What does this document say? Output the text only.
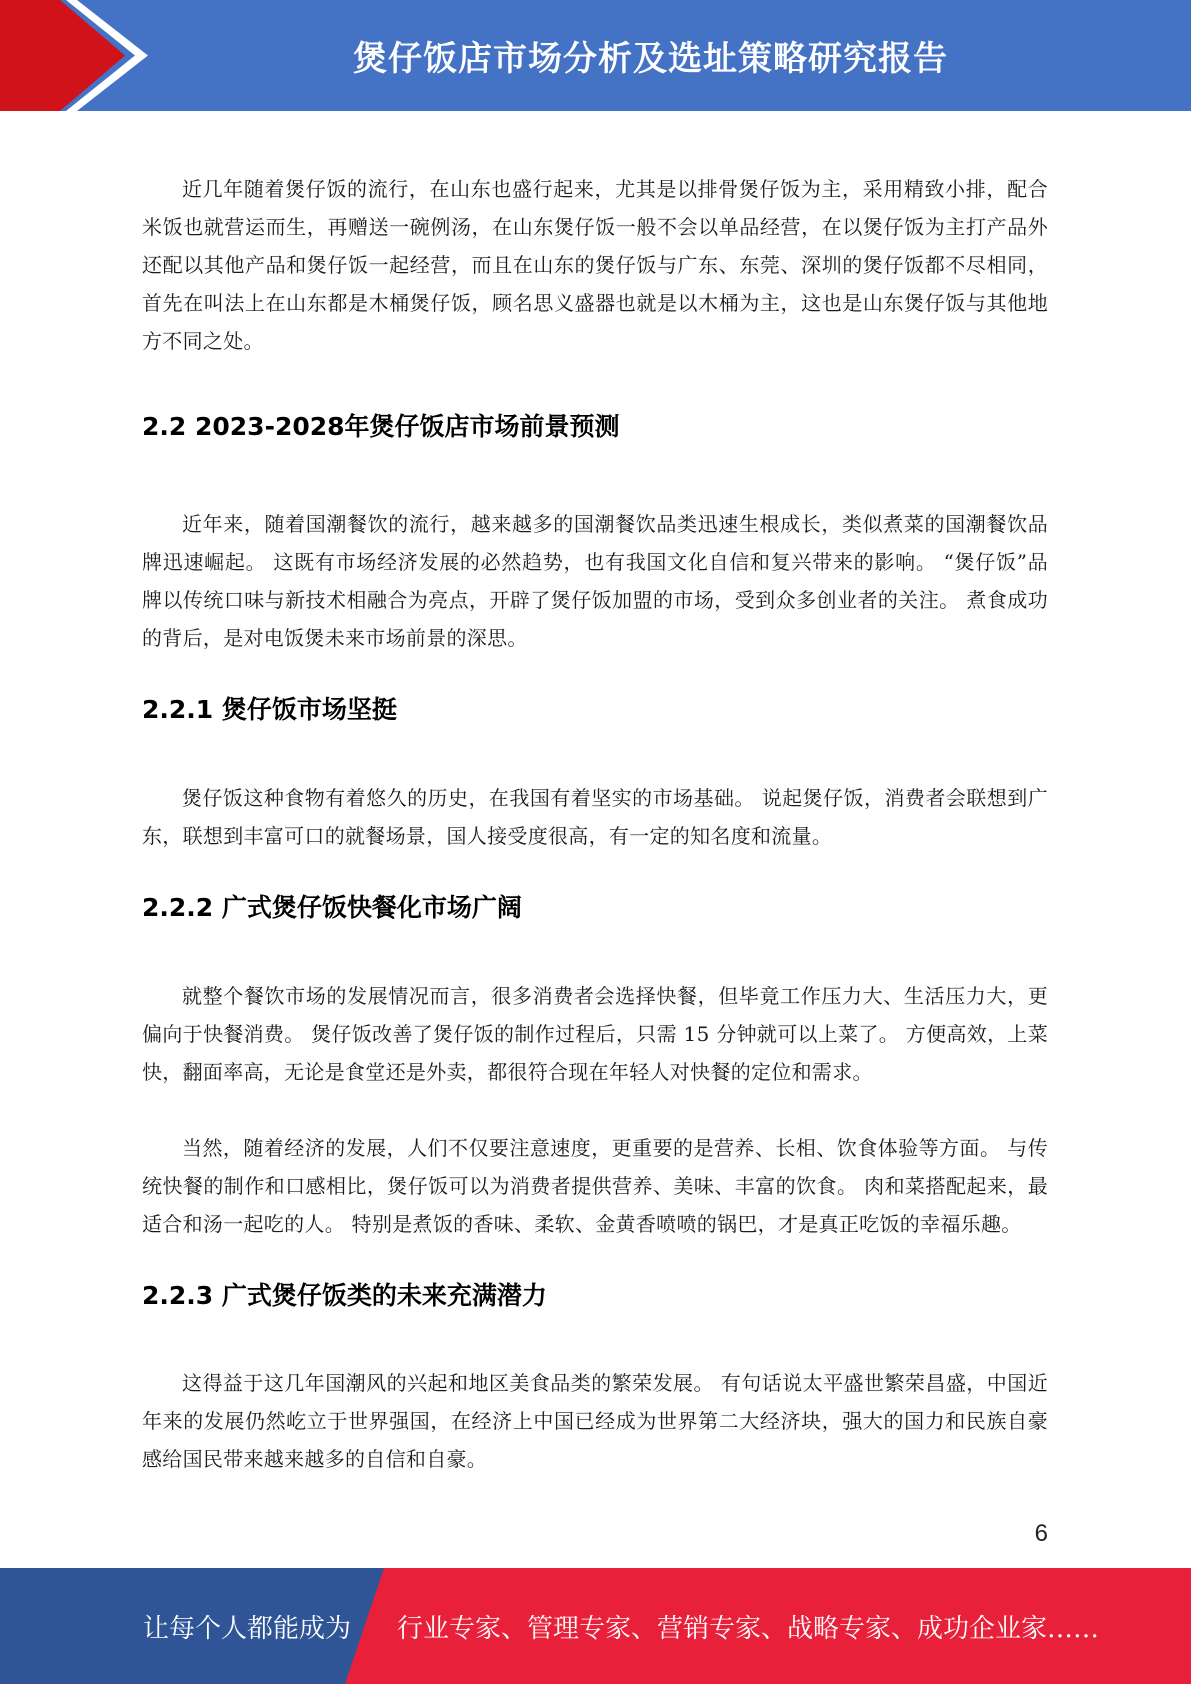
煲仔饭店市场分析及选址策略研究报告

近几年随着煲仔饭的流行，在山东也盛行起来，尤其是以排骨煲仔饭为主，采用精致小排，配合米饭也就营运而生，再赠送一碗例汤，在山东煲仔饭一般不会以单品经营，在以煲仔饭为主打产品外还配以其他产品和煲仔饭一起经营，而且在山东的煲仔饭与广东、东莞、深圳的煲仔饭都不尽相同，首先在叫法上在山东都是木桶煲仔饭，顾名思义盛器也就是以木桶为主，这也是山东煲仔饭与其他地方不同之处。

2.2 2023-2028年煲仔饭店市场前景预测

近年来，随着国潮餐饮的流行，越来越多的国潮餐饮品类迅速生根成长，类似煮菜的国潮餐饮品牌迅速崛起。 这既有市场经济发展的必然趋势，也有我国文化自信和复兴带来的影响。 “煲仔饭”品牌以传统口味与新技术相融合为亮点，开辟了煲仔饭加盟的市场，受到众多创业者的关注。 煮食成功的背后，是对电饭煲未来市场前景的深思。

2.2.1 煲仔饭市场坚挺

煲仔饭这种食物有着悠久的历史，在我国有着坚实的市场基础。 说起煲仔饭，消费者会联想到广东，联想到丰富可口的就餐场景，国人接受度很高，有一定的知名度和流量。

2.2.2 广式煲仔饭快餐化市场广阔

就整个餐饮市场的发展情况而言，很多消费者会选择快餐，但毕竟工作压力大、生活压力大，更偏向于快餐消费。 煲仔饭改善了煲仔饭的制作过程后，只需 15 分钟就可以上菜了。 方便高效，上菜快，翻面率高，无论是食堂还是外卖，都很符合现在年轻人对快餐的定位和需求。

当然，随着经济的发展，人们不仅要注意速度，更重要的是营养、长相、饮食体验等方面。 与传统快餐的制作和口感相比，煲仔饭可以为消费者提供营养、美味、丰富的饮食。 肉和菜搭配起来，最适合和汤一起吃的人。 特别是煮饭的香味、柔软、金黄香喷喷的锅巴，才是真正吃饭的幸福乐趣。

2.2.3 广式煲仔饭类的未来充满潜力

这得益于这几年国潮风的兴起和地区美食品类的繁荣发展。 有句话说太平盛世繁荣昌盛，中国近年来的发展仍然屹立于世界强国，在经济上中国已经成为世界第二大经济块，强大的国力和民族自豪感给国民带来越来越多的自信和自豪。

6
让每个人都能成为 行业专家、管理专家、营销专家、战略专家、成功企业家……
